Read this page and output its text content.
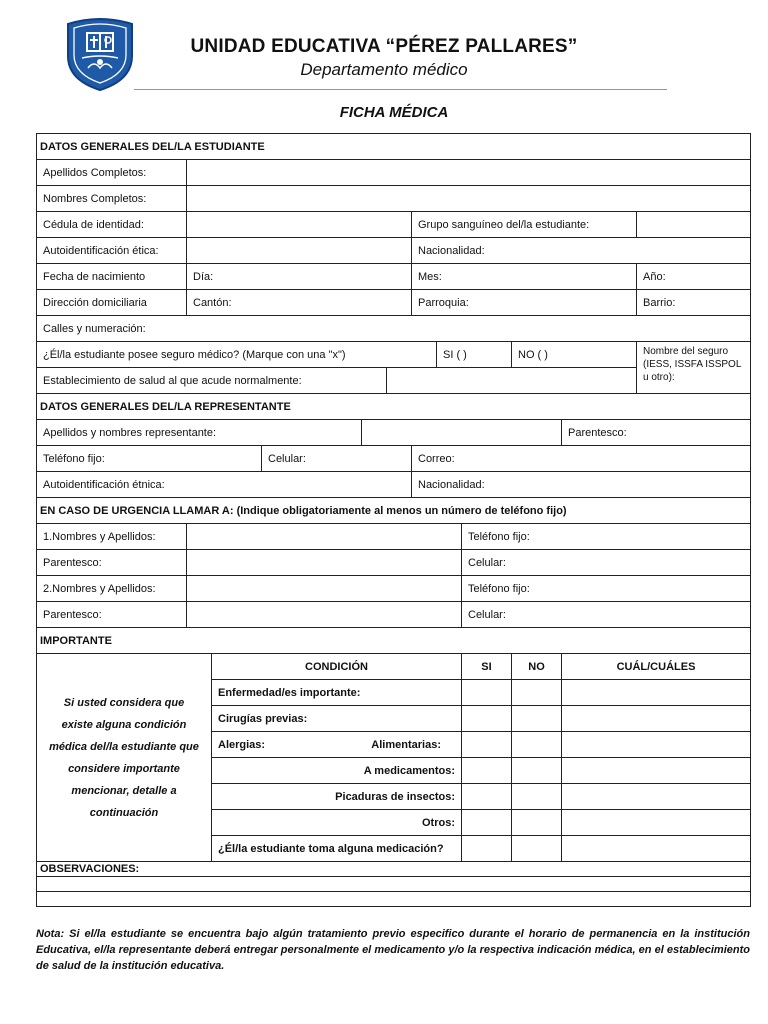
UNIDAD EDUCATIVA “PÉREZ PALLARES”
Departamento médico
FICHA MÉDICA
DATOS GENERALES DEL/LA ESTUDIANTE											
Apellidos Completos:											
Nombres Completos:											
Cédula de identidad:						Grupo sanguíneo del/la estudiante:					
Autoidentificación ética:						Nacionalidad:					
Fecha de nacimiento	Día:					Mes:					Año:
Dirección domiciliaria	Cantón:					Parroquia:					Barrio:
Calles y numeración:											
¿Él/la estudiante posee seguro médico? (Marque con una "x")							SI ( )		NO ( )		Nombre del seguro (IESS, ISSFA ISSPOL u otro):
Establecimiento de salud al que acude normalmente:											
DATOS GENERALES DEL/LA REPRESENTANTE											
Apellidos y nombres representante:										Parentesco:	
Teléfono fijo:			Celular:			Correo:					
Autoidentificación étnica:						Nacionalidad:					
EN CASO DE URGENCIA LLAMAR A: (Indique obligatoriamente al menos un número de teléfono fijo)											
1.Nombres y Apellidos:								Teléfono fijo:			
Parentesco:								Celular:			
2.Nombres y Apellidos:								Teléfono fijo:			
Parentesco:								Celular:			
IMPORTANTE											
Si usted considera que existe alguna condición médica del/la estudiante que considere importante mencionar, detalle a continuación		CONDICIÓN						SI	NO	CUÁL/CUÁLES	
		Enfermedad/es importante:									
		Cirugías previas:									

		Alergias: Alimentarias:									

		A medicamentos:									
		Picaduras de insectos:									
		Otros:									
		¿Él/la estudiante toma alguna medicación?									
OBSERVACIONES:											

Nota: Si el/la estudiante se encuentra bajo algún tratamiento previo especifico durante el horario de permanencia en la institución Educativa, el/la representante deberá entregar personalmente el medicamento y/o la respectiva indicación médica, en el establecimiento de salud de la institución educativa.
